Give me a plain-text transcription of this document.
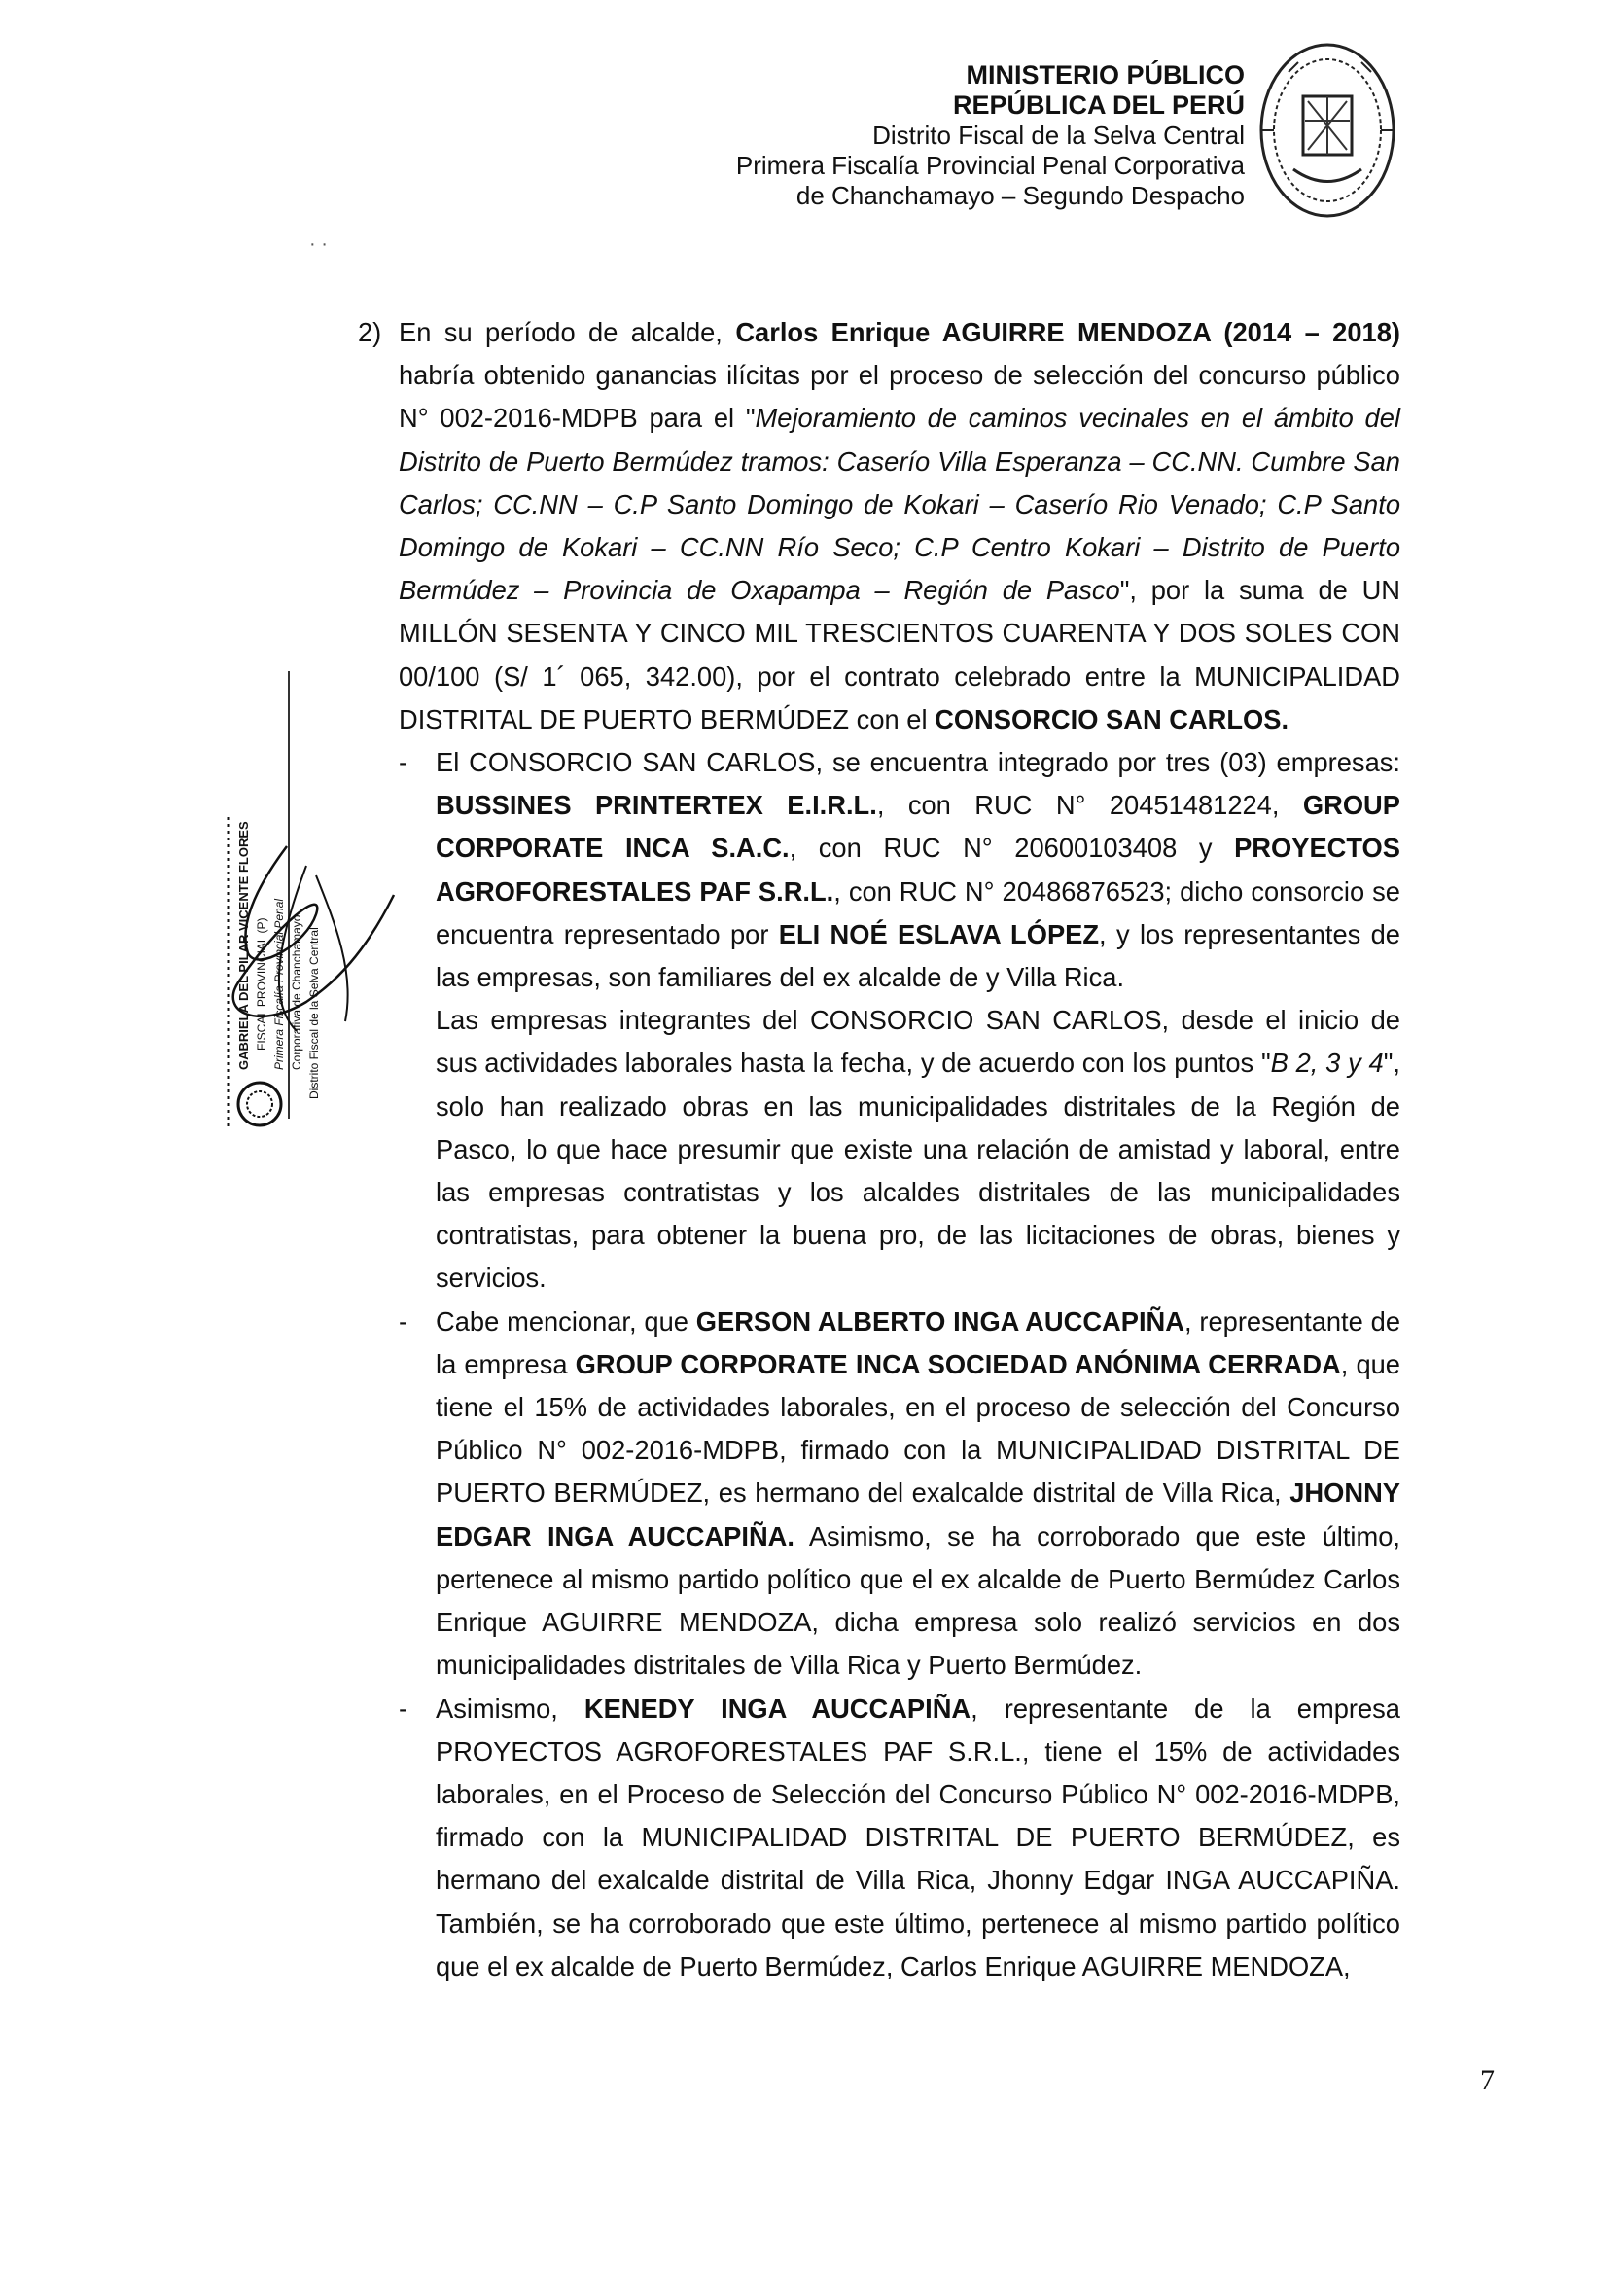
· ·
MINISTERIO PÚBLICO
REPÚBLICA DEL PERÚ
Distrito Fiscal de la Selva Central
Primera Fiscalía Provincial Penal Corporativa
de Chanchamayo – Segundo Despacho
GABRIELA DEL PILAR VICENTE FLORES FISCAL PROVINCIAL (P) Primera Fiscalía Provincial Penal Corporativa de Chanchamayo Distrito Fiscal de la Selva Central

2) En su período de alcalde, Carlos Enrique AGUIRRE MENDOZA (2014 – 2018) habría obtenido ganancias ilícitas por el proceso de selección del concurso público N° 002-2016-MDPB para el "Mejoramiento de caminos vecinales en el ámbito del Distrito de Puerto Bermúdez tramos: Caserío Villa Esperanza – CC.NN. Cumbre San Carlos; CC.NN – C.P Santo Domingo de Kokari – Caserío Rio Venado; C.P Santo Domingo de Kokari – CC.NN Río Seco; C.P Centro Kokari – Distrito de Puerto Bermúdez – Provincia de Oxapampa – Región de Pasco", por la suma de UN MILLÓN SESENTA Y CINCO MIL TRESCIENTOS CUARENTA Y DOS SOLES CON 00/100 (S/ 1´ 065, 342.00), por el contrato celebrado entre la MUNICIPALIDAD DISTRITAL DE PUERTO BERMÚDEZ con el CONSORCIO SAN CARLOS.

- El CONSORCIO SAN CARLOS, se encuentra integrado por tres (03) empresas: BUSSINES PRINTERTEX E.I.R.L., con RUC N° 20451481224, GROUP CORPORATE INCA S.A.C., con RUC N° 20600103408 y PROYECTOS AGROFORESTALES PAF S.R.L., con RUC N° 20486876523; dicho consorcio se encuentra representado por ELI NOÉ ESLAVA LÓPEZ, y los representantes de las empresas, son familiares del ex alcalde de y Villa Rica.

Las empresas integrantes del CONSORCIO SAN CARLOS, desde el inicio de sus actividades laborales hasta la fecha, y de acuerdo con los puntos "B 2, 3 y 4", solo han realizado obras en las municipalidades distritales de la Región de Pasco, lo que hace presumir que existe una relación de amistad y laboral, entre las empresas contratistas y los alcaldes distritales de las municipalidades contratistas, para obtener la buena pro, de las licitaciones de obras, bienes y servicios.

- Cabe mencionar, que GERSON ALBERTO INGA AUCCAPIÑA, representante de la empresa GROUP CORPORATE INCA SOCIEDAD ANÓNIMA CERRADA, que tiene el 15% de actividades laborales, en el proceso de selección del Concurso Público N° 002-2016-MDPB, firmado con la MUNICIPALIDAD DISTRITAL DE PUERTO BERMÚDEZ, es hermano del exalcalde distrital de Villa Rica, JHONNY EDGAR INGA AUCCAPIÑA. Asimismo, se ha corroborado que este último, pertenece al mismo partido político que el ex alcalde de Puerto Bermúdez Carlos Enrique AGUIRRE MENDOZA, dicha empresa solo realizó servicios en dos municipalidades distritales de Villa Rica y Puerto Bermúdez.

- Asimismo, KENEDY INGA AUCCAPIÑA, representante de la empresa PROYECTOS AGROFORESTALES PAF S.R.L., tiene el 15% de actividades laborales, en el Proceso de Selección del Concurso Público N° 002-2016-MDPB, firmado con la MUNICIPALIDAD DISTRITAL DE PUERTO BERMÚDEZ, es hermano del exalcalde distrital de Villa Rica, Jhonny Edgar INGA AUCCAPIÑA. También, se ha corroborado que este último, pertenece al mismo partido político que el ex alcalde de Puerto Bermúdez, Carlos Enrique AGUIRRE MENDOZA,

7
